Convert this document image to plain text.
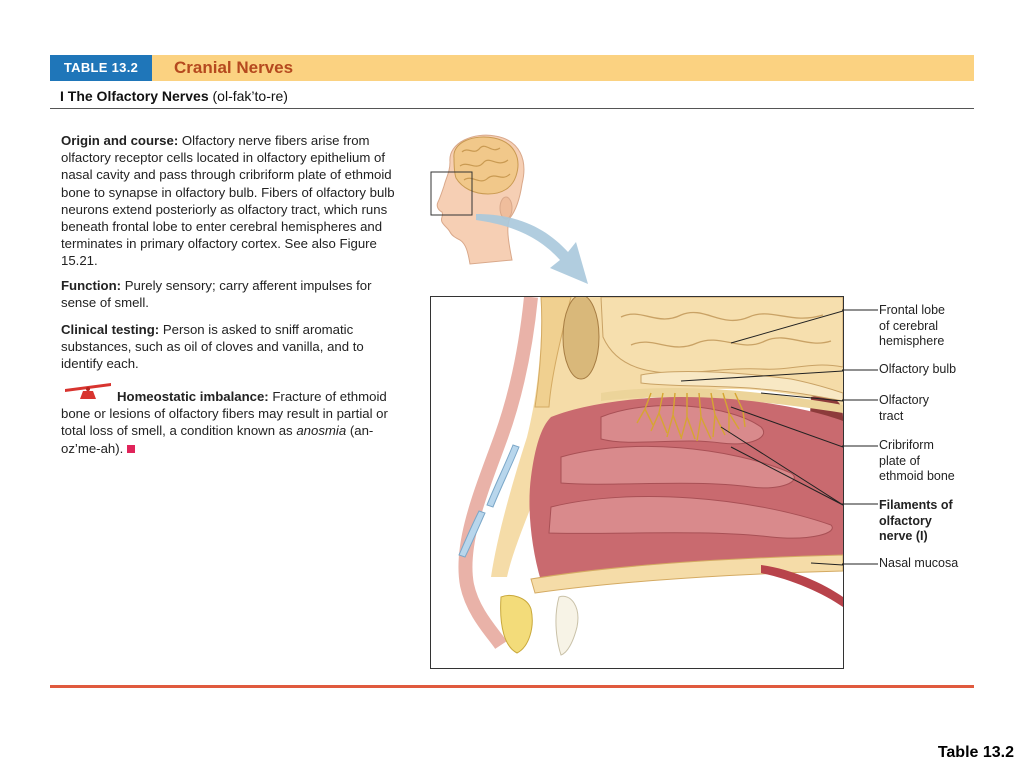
TABLE 13.2	Cranial Nerves
I The Olfactory Nerves (ol-fak’to-re)
Origin and course: Olfactory nerve fibers arise from olfactory receptor cells located in olfactory epithelium of nasal cavity and pass through cribriform plate of ethmoid bone to synapse in olfactory bulb. Fibers of olfactory bulb neurons extend posteriorly as olfactory tract, which runs beneath frontal lobe to enter cerebral hemispheres and terminates in primary olfactory cortex. See also Figure 15.21.
Function: Purely sensory; carry afferent impulses for sense of smell.
Clinical testing: Person is asked to sniff aromatic substances, such as oil of cloves and vanilla, and to identify each.
Homeostatic imbalance: Fracture of ethmoid bone or lesions of olfactory fibers may result in partial or total loss of smell, a condition known as anosmia (an-oz’me-ah).
Frontal lobe
of cerebral
hemisphere
Olfactory bulb
Olfactory
tract
Cribriform
plate of
ethmoid bone
Filaments of
olfactory
nerve (I)
Nasal mucosa
Table 13.2
